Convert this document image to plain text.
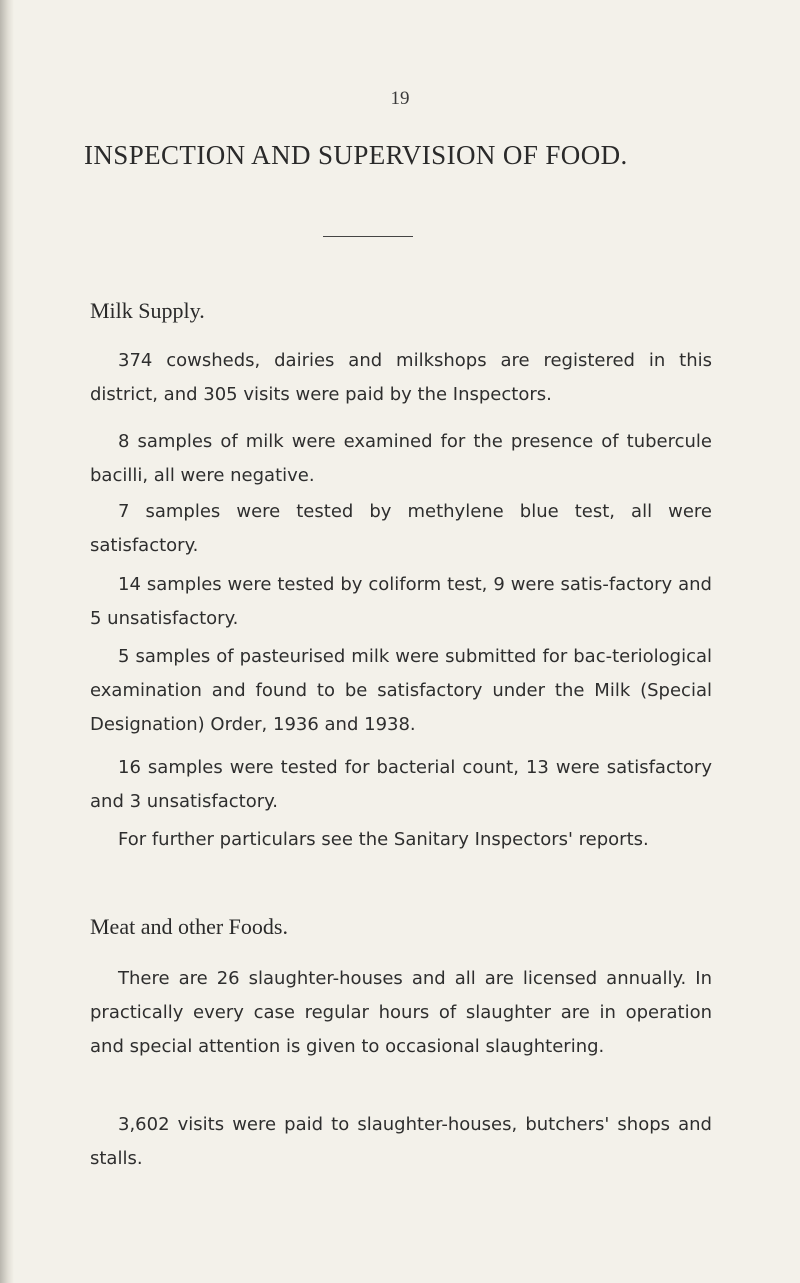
19
INSPECTION AND SUPERVISION OF FOOD.
Milk Supply.
374 cowsheds, dairies and milkshops are registered in this district, and 305 visits were paid by the Inspectors.
8 samples of milk were examined for the presence of tubercule bacilli, all were negative.
7 samples were tested by methylene blue test, all were satisfactory.
14 samples were tested by coliform test, 9 were satis-factory and 5 unsatisfactory.
5 samples of pasteurised milk were submitted for bac-teriological examination and found to be satisfactory under the Milk (Special Designation) Order, 1936 and 1938.
16 samples were tested for bacterial count, 13 were satisfactory and 3 unsatisfactory.
For further particulars see the Sanitary Inspectors' reports.
Meat and other Foods.
There are 26 slaughter-houses and all are licensed annually. In practically every case regular hours of slaughter are in operation and special attention is given to occasional slaughtering.
3,602 visits were paid to slaughter-houses, butchers' shops and stalls.
